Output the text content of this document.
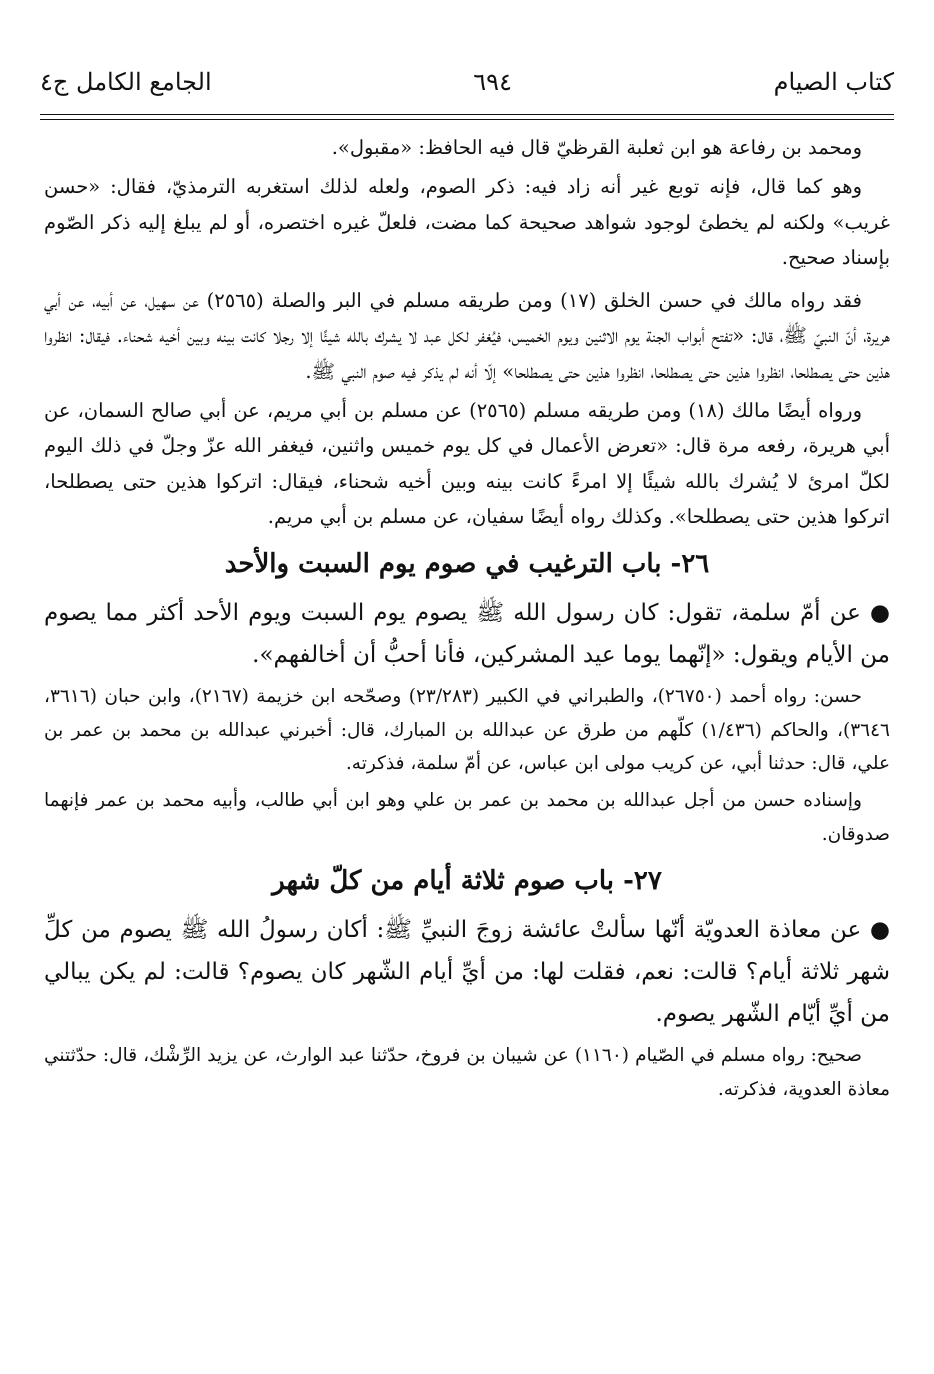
كتاب الصيام
٦٩٤
الجامع الكامل ج٤

ومحمد بن رفاعة هو ابن ثعلبة القرظيّ قال فيه الحافظ: «مقبول».

وهو كما قال، فإنه توبع غير أنه زاد فيه: ذكر الصوم، ولعله لذلك استغربه الترمذيّ، فقال: «حسن غريب» ولكنه لم يخطئ لوجود شواهد صحيحة كما مضت، فلعلّ غيره اختصره، أو لم يبلغ إليه ذكر الصّوم بإسناد صحيح.

فقد رواه مالك في حسن الخلق (١٧) ومن طريقه مسلم في البر والصلة (٢٥٦٥) عن سهيل، عن أبيه، عن أبي هريرة، أنّ النبيّ ﷺ، قال: «تفتح أبواب الجنة يوم الاثنين ويوم الخميس، فيُغفر لكل عبد لا يشرك بالله شيئًا إلا رجلا كانت بينه وبين أخيه شحناء. فيقال: انظروا هذين حتى يصطلحا، انظروا هذين حتى يصطلحا، انظروا هذين حتى يصطلحا» إلّا أنه لم يذكر فيه صوم النبي ﷺ.

ورواه أيضًا مالك (١٨) ومن طريقه مسلم (٢٥٦٥) عن مسلم بن أبي مريم، عن أبي صالح السمان، عن أبي هريرة، رفعه مرة قال: «تعرض الأعمال في كل يوم خميس واثنين، فيغفر الله عزّ وجلّ في ذلك اليوم لكلّ امرئ لا يُشرك بالله شيئًا إلا امرءً كانت بينه وبين أخيه شحناء، فيقال: اتركوا هذين حتى يصطلحا، اتركوا هذين حتى يصطلحا». وكذلك رواه أيضًا سفيان، عن مسلم بن أبي مريم.

٢٦- باب الترغيب في صوم يوم السبت والأحد

● عن أمّ سلمة، تقول: كان رسول الله ﷺ يصوم يوم السبت ويوم الأحد أكثر مما يصوم من الأيام ويقول: «إنّهما يوما عيد المشركين، فأنا أحبُّ أن أخالفهم».

حسن: رواه أحمد (٢٦٧٥٠)، والطبراني في الكبير (٢٣/٢٨٣) وصحّحه ابن خزيمة (٢١٦٧)، وابن حبان (٣٦١٦، ٣٦٤٦)، والحاكم (١/٤٣٦) كلّهم من طرق عن عبدالله بن المبارك، قال: أخبرني عبدالله بن محمد بن عمر بن علي، قال: حدثنا أبي، عن كريب مولى ابن عباس، عن أمّ سلمة، فذكرته.

وإسناده حسن من أجل عبدالله بن محمد بن عمر بن علي وهو ابن أبي طالب، وأبيه محمد بن عمر فإنهما صدوقان.

٢٧- باب صوم ثلاثة أيام من كلّ شهر

● عن معاذة العدويّة أنّها سألتْ عائشة زوجَ النبيِّ ﷺ: أكان رسولُ الله ﷺ يصوم من كلِّ شهر ثلاثة أيام؟ قالت: نعم، فقلت لها: من أيِّ أيام الشّهر كان يصوم؟ قالت: لم يكن يبالي من أيِّ أيّام الشّهر يصوم.

صحيح: رواه مسلم في الصّيام (١١٦٠) عن شيبان بن فروخ، حدّثنا عبد الوارث، عن يزيد الرِّشْك، قال: حدّثتني معاذة العدوية، فذكرته.
